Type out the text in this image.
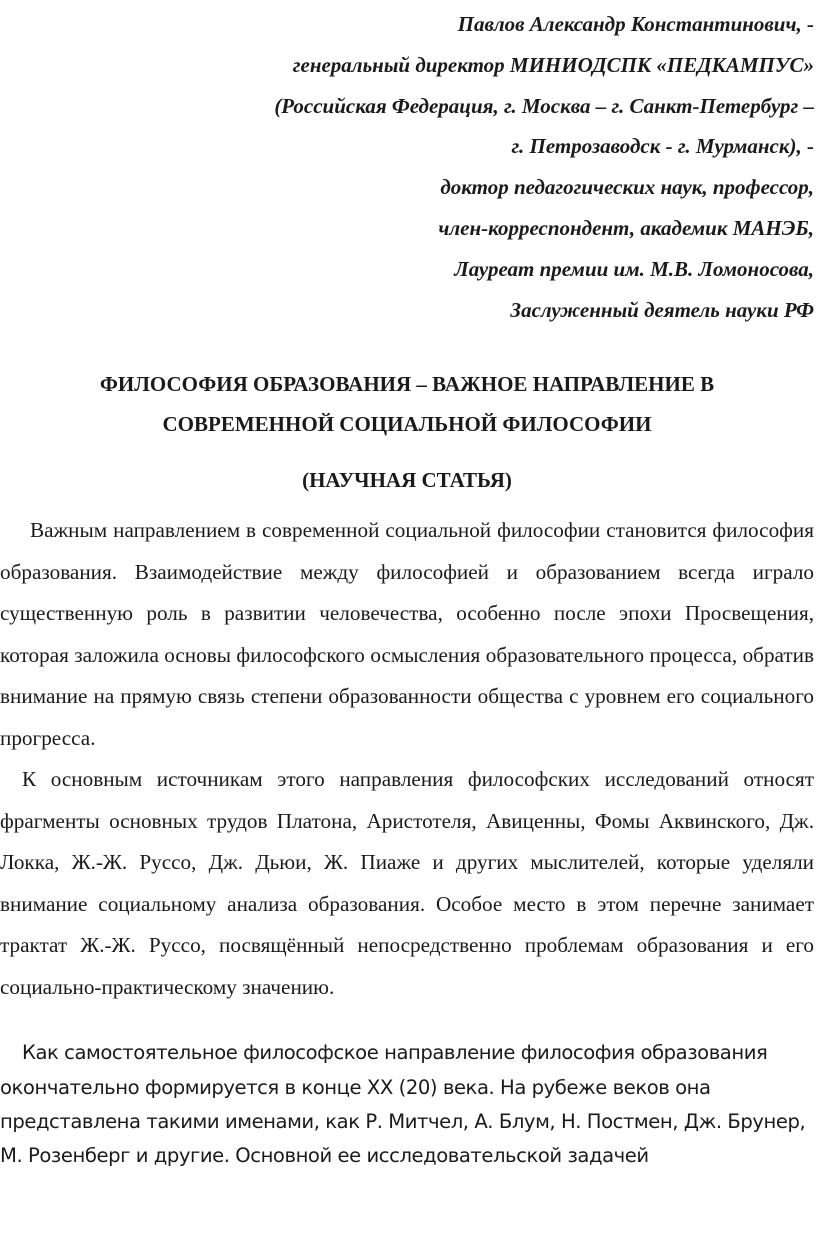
Павлов Александр Константинович, -
генеральный директор МИНИОДСПК «ПЕДКАМПУС»
(Российская Федерация, г. Москва – г. Санкт-Петербург –
г. Петрозаводск - г. Мурманск), -
доктор педагогических наук, профессор,
член-корреспондент, академик МАНЭБ,
Лауреат премии им. М.В. Ломоносова,
Заслуженный деятель науки РФ
ФИЛОСОФИЯ ОБРАЗОВАНИЯ – ВАЖНОЕ НАПРАВЛЕНИЕ В
СОВРЕМЕННОЙ СОЦИАЛЬНОЙ ФИЛОСОФИИ
(НАУЧНАЯ СТАТЬЯ)

Важным направлением в современной социальной философии становится философия образования. Взаимодействие между философией и образованием всегда играло существенную роль в развитии человечества, особенно после эпохи Просвещения, которая заложила основы философского осмысления образовательного процесса, обратив внимание на прямую связь степени образованности общества с уровнем его социального прогресса.

К основным источникам этого направления философских исследований относят фрагменты основных трудов Платона, Аристотеля, Авиценны, Фомы Аквинского, Дж. Локка, Ж.-Ж. Руссо, Дж. Дьюи, Ж. Пиаже и других мыслителей, которые уделяли внимание социальному анализа образования. Особое место в этом перечне занимает трактат Ж.-Ж. Руссо, посвящённый непосредственно проблемам образования и его социально-практическому значению.

Как самостоятельное философское направление философия образования окончательно формируется в конце XX (20) века. На рубеже веков она представлена такими именами, как Р. Митчел, А. Блум, Н. Постмен, Дж. Брунер, М. Розенберг и другие. Основной ее исследовательской задачей
